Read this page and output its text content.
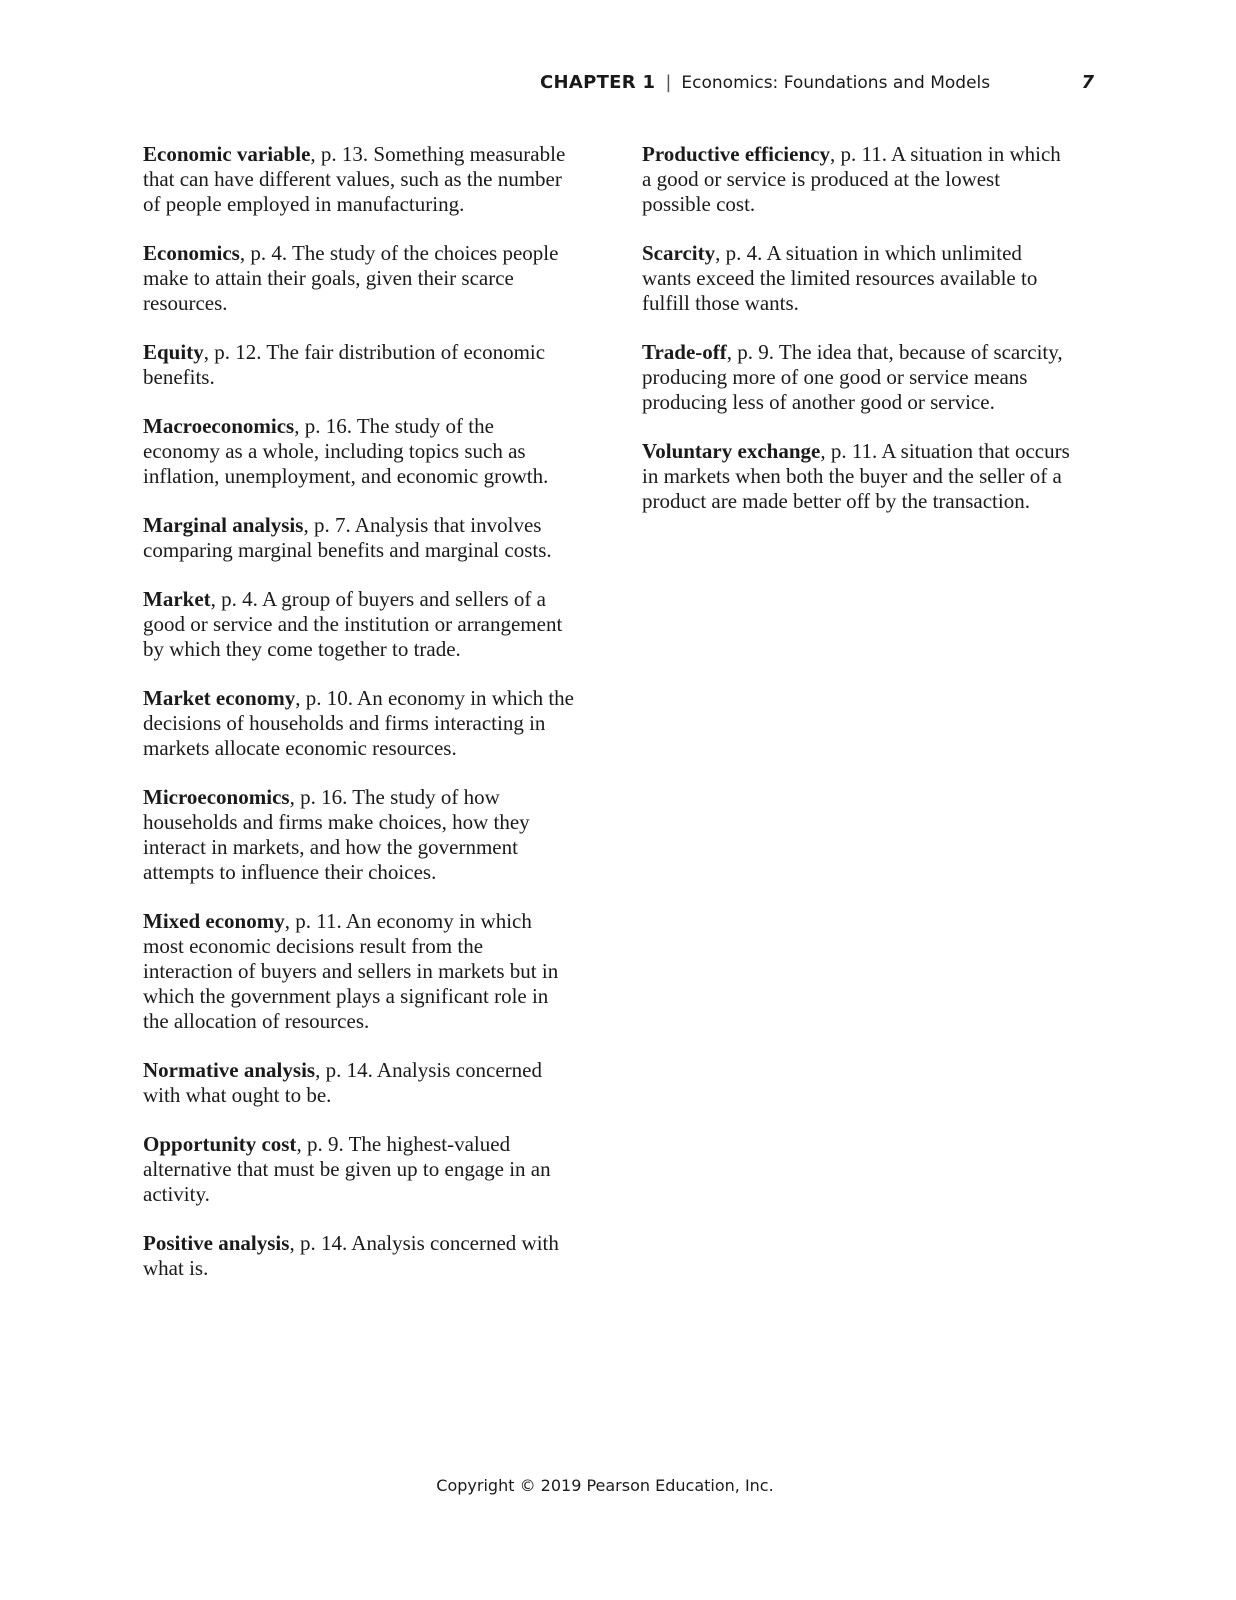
CHAPTER 1 | Economics: Foundations and Models	7

Economic variable, p. 13. Something measurable that can have different values, such as the number of people employed in manufacturing.

Economics, p. 4. The study of the choices people make to attain their goals, given their scarce resources.

Equity, p. 12. The fair distribution of economic benefits.

Macroeconomics, p. 16. The study of the economy as a whole, including topics such as inflation, unemployment, and economic growth.

Marginal analysis, p. 7. Analysis that involves comparing marginal benefits and marginal costs.

Market, p. 4. A group of buyers and sellers of a good or service and the institution or arrangement by which they come together to trade.

Market economy, p. 10. An economy in which the decisions of households and firms interacting in markets allocate economic resources.

Microeconomics, p. 16. The study of how households and firms make choices, how they interact in markets, and how the government attempts to influence their choices.

Mixed economy, p. 11. An economy in which most economic decisions result from the interaction of buyers and sellers in markets but in which the government plays a significant role in the allocation of resources.

Normative analysis, p. 14. Analysis concerned with what ought to be.

Opportunity cost, p. 9. The highest-valued alternative that must be given up to engage in an activity.

Positive analysis, p. 14. Analysis concerned with what is.

Productive efficiency, p. 11. A situation in which a good or service is produced at the lowest possible cost.

Scarcity, p. 4. A situation in which unlimited wants exceed the limited resources available to fulfill those wants.

Trade-off, p. 9. The idea that, because of scarcity, producing more of one good or service means producing less of another good or service.

Voluntary exchange, p. 11. A situation that occurs in markets when both the buyer and the seller of a product are made better off by the transaction.

Copyright © 2019 Pearson Education, Inc.
